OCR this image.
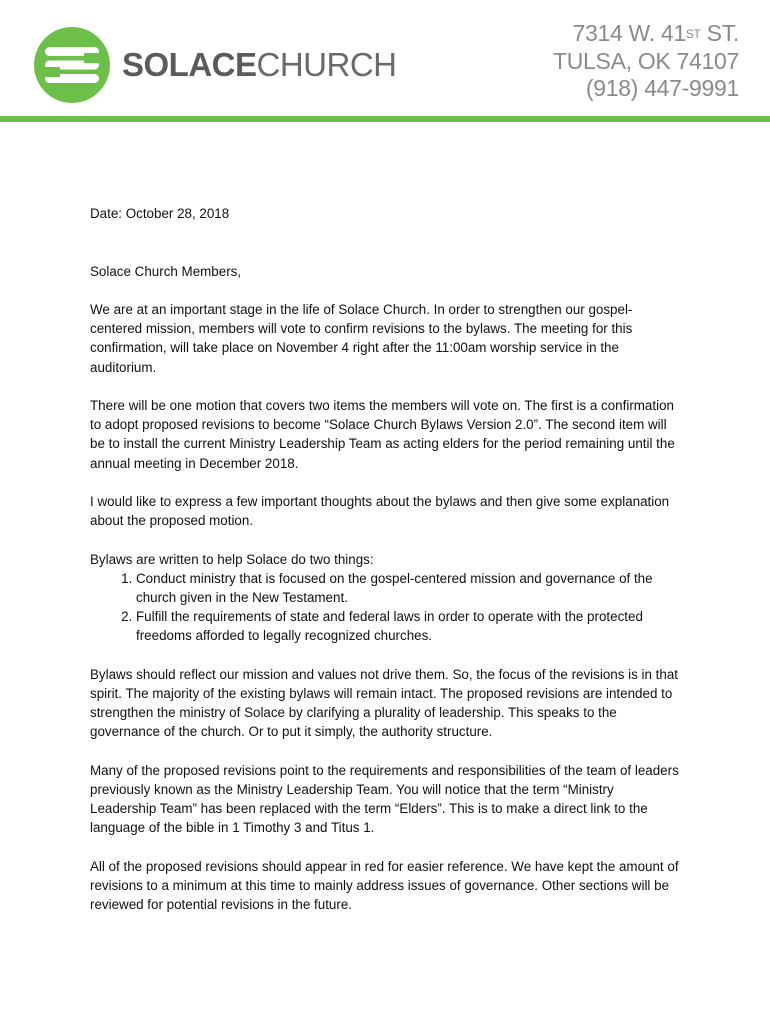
SOLACECHURCH
7314 W. 41ST ST.
TULSA, OK 74107
(918) 447-9991

Date: October 28, 2018

Solace Church Members,

We are at an important stage in the life of Solace Church. In order to strengthen our gospel-centered mission, members will vote to confirm revisions to the bylaws. The meeting for this confirmation, will take place on November 4 right after the 11:00am worship service in the auditorium.

There will be one motion that covers two items the members will vote on. The first is a confirmation to adopt proposed revisions to become “Solace Church Bylaws Version 2.0”. The second item will be to install the current Ministry Leadership Team as acting elders for the period remaining until the annual meeting in December 2018.

I would like to express a few important thoughts about the bylaws and then give some explanation about the proposed motion.

Bylaws are written to help Solace do two things:

1. Conduct ministry that is focused on the gospel-centered mission and governance of the church given in the New Testament.
2. Fulfill the requirements of state and federal laws in order to operate with the protected freedoms afforded to legally recognized churches.

Bylaws should reflect our mission and values not drive them. So, the focus of the revisions is in that spirit. The majority of the existing bylaws will remain intact. The proposed revisions are intended to strengthen the ministry of Solace by clarifying a plurality of leadership. This speaks to the governance of the church. Or to put it simply, the authority structure.

Many of the proposed revisions point to the requirements and responsibilities of the team of leaders previously known as the Ministry Leadership Team. You will notice that the term “Ministry Leadership Team” has been replaced with the term “Elders”. This is to make a direct link to the language of the bible in 1 Timothy 3 and Titus 1.

All of the proposed revisions should appear in red for easier reference. We have kept the amount of revisions to a minimum at this time to mainly address issues of governance. Other sections will be reviewed for potential revisions in the future.
